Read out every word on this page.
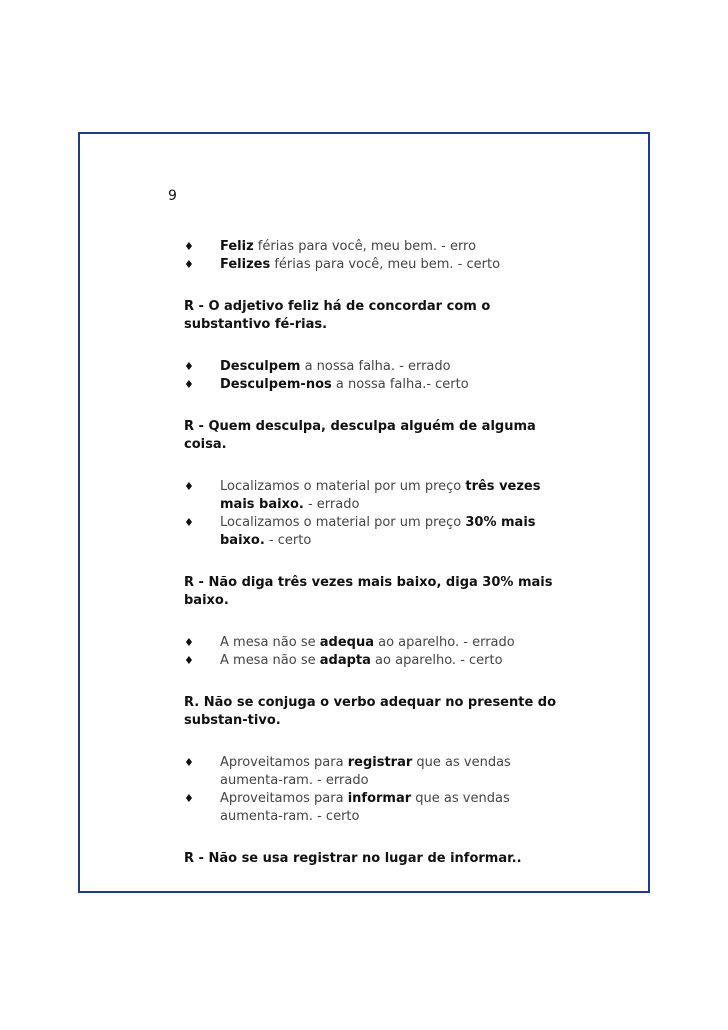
9
♦ Feliz férias para você, meu bem. - erro
♦ Felizes férias para você, meu bem. - certo

R - O adjetivo feliz há de concordar com o substantivo fé-rias.

♦ Desculpem a nossa falha. - errado
♦ Desculpem-nos a nossa falha.- certo

R - Quem desculpa, desculpa alguém de alguma coisa.

♦ Localizamos o material por um preço três vezes mais baixo. - errado
♦ Localizamos o material por um preço 30% mais baixo. - certo

R - Não diga três vezes mais baixo, diga 30% mais baixo.

♦ A mesa não se adequa ao aparelho. - errado
♦ A mesa não se adapta ao aparelho. - certo

R. Não se conjuga o verbo adequar no presente do substan-tivo.

♦ Aproveitamos para registrar que as vendas aumenta-ram. - errado
♦ Aproveitamos para informar que as vendas aumenta-ram. - certo

R - Não se usa registrar no lugar de informar..
